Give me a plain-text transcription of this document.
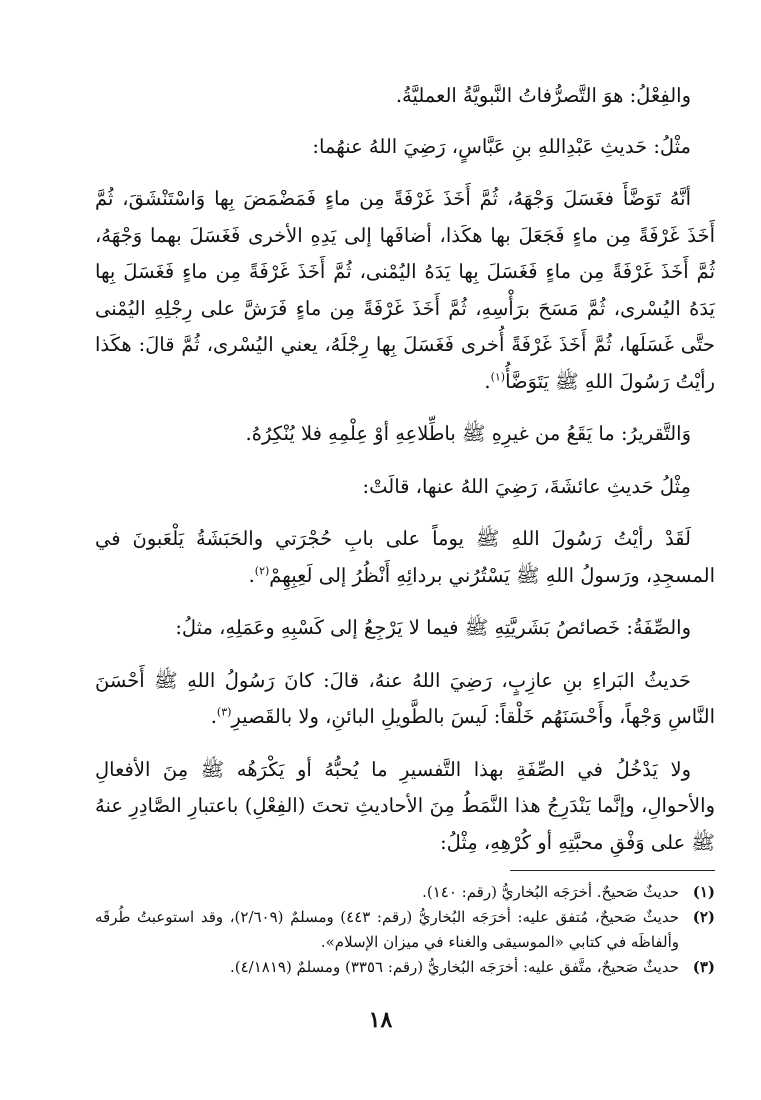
والفِعْلُ: هوَ التَّصرُّفاتُ النَّبويَّةُ العمليَّةُ.

مثْلُ: حَديثِ عَبْدِاللهِ بنِ عَبَّاسٍ، رَضِيَ اللهُ عنهُما:

أنَّهُ تَوَضَّأَ فغَسَلَ وَجْهَهُ، ثُمَّ أَخَذَ غَرْفَةً مِن ماءٍ فَمَضْمَضَ بِها وَاسْتَنْشَقَ، ثُمَّ أَخَذَ غَرْفَةً مِن ماءٍ فَجَعَلَ بها هكَذا، أضافَها إلى يَدِهِ الأخرى فَغَسَلَ بهما وَجْهَهُ، ثُمَّ أَخَذَ غَرْفَةً مِن ماءٍ فَغَسَلَ بِها يَدَهُ اليُمْنى، ثُمَّ أَخَذَ غَرْفَةً مِن ماءٍ فَغَسَلَ بِها يَدَهُ اليُسْرى، ثُمَّ مَسَحَ برَأْسِهِ، ثُمَّ أَخَذَ غَرْفَةً مِن ماءٍ فَرَشَّ على رِجْلِهِ اليُمْنى حتَّى غَسَلَها، ثُمَّ أَخَذَ غَرْفَةً أُخرى فَغَسَلَ بِها رِجْلَهُ، يعني اليُسْرى، ثُمَّ قالَ: هكَذا رأيْتُ رَسُولَ اللهِ ﷺ يَتَوَضَّأُ$^{(١)}$.

وَالتَّقريرُ: ما يَقَعُ من غيرِهِ ﷺ باطِّلاعِهِ أوْ عِلْمِهِ فلا يُنْكِرُهُ.

مِثْلُ حَديثِ عائشَةَ، رَضِيَ اللهُ عنها، قالَتْ:

لَقَدْ رأيْتُ رَسُولَ اللهِ ﷺ يوماً على بابِ حُجْرَتي والحَبَشَةُ يَلْعَبونَ في المسجِدِ، ورَسولُ اللهِ ﷺ يَسْتُرُني بردائِهِ أَنْظُرُ إلى لَعِبِهِمْ$^{(٢)}$.

والصِّفَةُ: خَصائصُ بَشَريَّتِهِ ﷺ فيما لا يَرْجِعُ إلى كَسْبِهِ وعَمَلِهِ، مثلُ:

حَديثُ البَراءِ بنِ عازِبٍ، رَضِيَ اللهُ عنهُ، قالَ: كانَ رَسُولُ اللهِ ﷺ أَحْسَنَ النَّاسِ وَجْهاً، وأَحْسَنَهُم خَلْقاً: لَيسَ بالطَّويلِ البائنِ، ولا بالقَصيرِ$^{(٣)}$.

ولا يَدْخُلُ في الصِّفَةِ بهذا التَّفسيرِ ما يُحبُّهُ أو يَكْرَهُه ﷺ مِنَ الأفعالِ والأحوالِ، وإنَّما يَنْدَرِجُ هذا النَّمَطُ مِنَ الأحاديثِ تحتَ (الفِعْلِ) باعتبارِ الصَّادِرِ عنهُ ﷺ على وَفْقِ محبَّتِهِ أو كُرْهِهِ، مِثْلُ:

(١)
حديثٌ صَحيحٌ. أخرَجَه البُخاريُّ (رقم: ١٤٠).
(٢)
حديثٌ صَحيحٌ، مُتفق عليه: أخرَجَه البُخاريُّ (رقم: ٤٤٣) ومسلمٌ (٢/٦٠٩)، وقد استوعبتُ طُرقَه وألفاظَه في كتابي «الموسيقى والغناء في ميزان الإسلام».
(٣)
حديثٌ صَحيحٌ، متَّفق عليه: أخرَجَه البُخاريُّ (رقم: ٣٣٥٦) ومسلمٌ (٤/١٨١٩).
١٨
